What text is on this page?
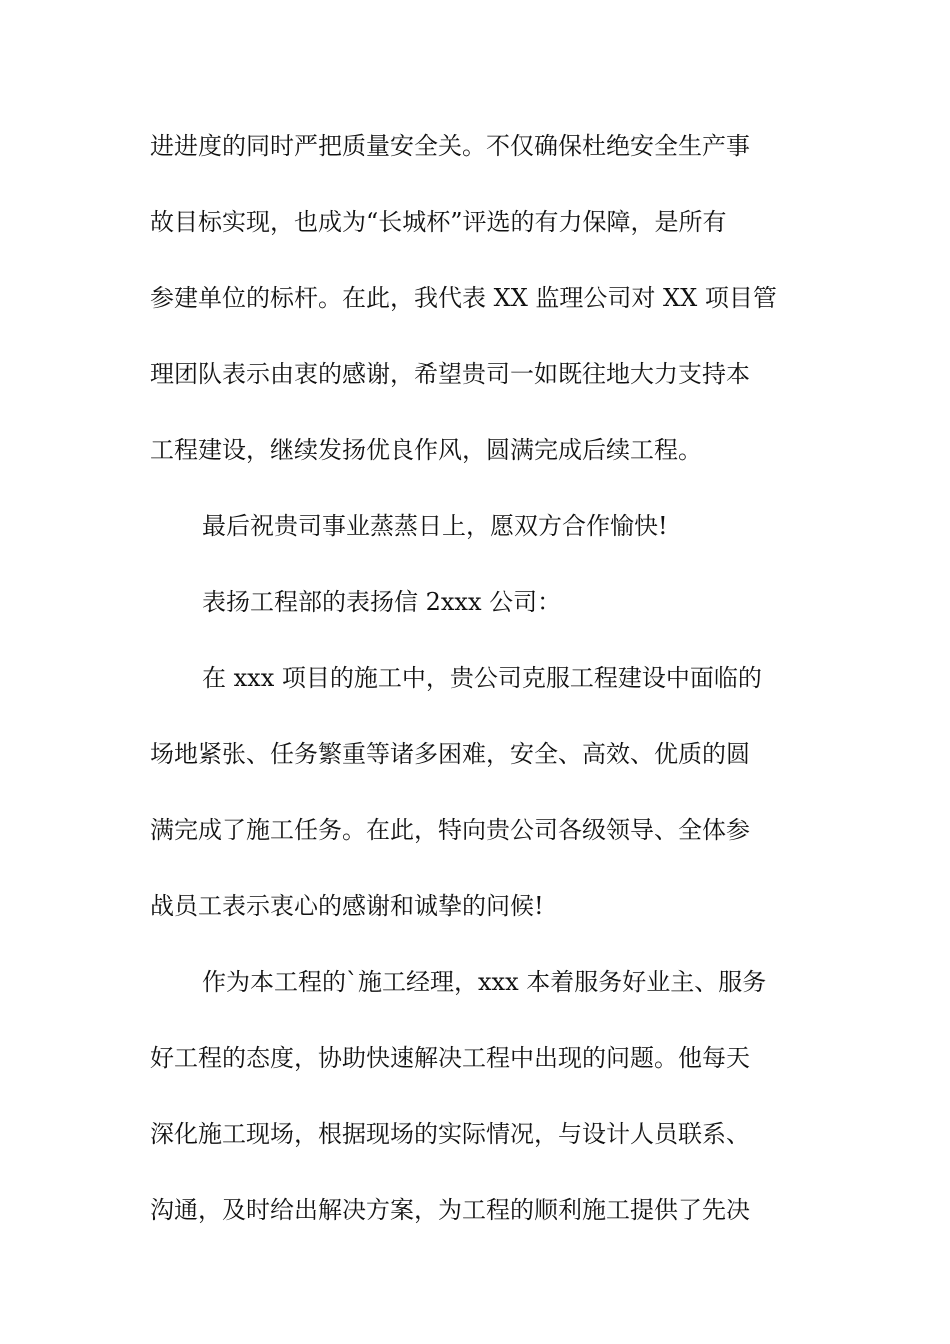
进进度的同时严把质量安全关。不仅确保杜绝安全生产事
故目标实现，也成为“长城杯”评选的有力保障，是所有
参建单位的标杆。在此，我代表 XX 监理公司对 XX 项目管
理团队表示由衷的感谢，希望贵司一如既往地大力支持本
工程建设，继续发扬优良作风，圆满完成后续工程。
最后祝贵司事业蒸蒸日上，愿双方合作愉快!
表扬工程部的表扬信 2xxx 公司：
在 xxx 项目的施工中，贵公司克服工程建设中面临的
场地紧张、任务繁重等诸多困难，安全、高效、优质的圆
满完成了施工任务。在此，特向贵公司各级领导、全体参
战员工表示衷心的感谢和诚挚的问候!
作为本工程的`施工经理，xxx 本着服务好业主、服务
好工程的态度，协助快速解决工程中出现的问题。他每天
深化施工现场，根据现场的实际情况，与设计人员联系、
沟通，及时给出解决方案，为工程的顺利施工提供了先决
